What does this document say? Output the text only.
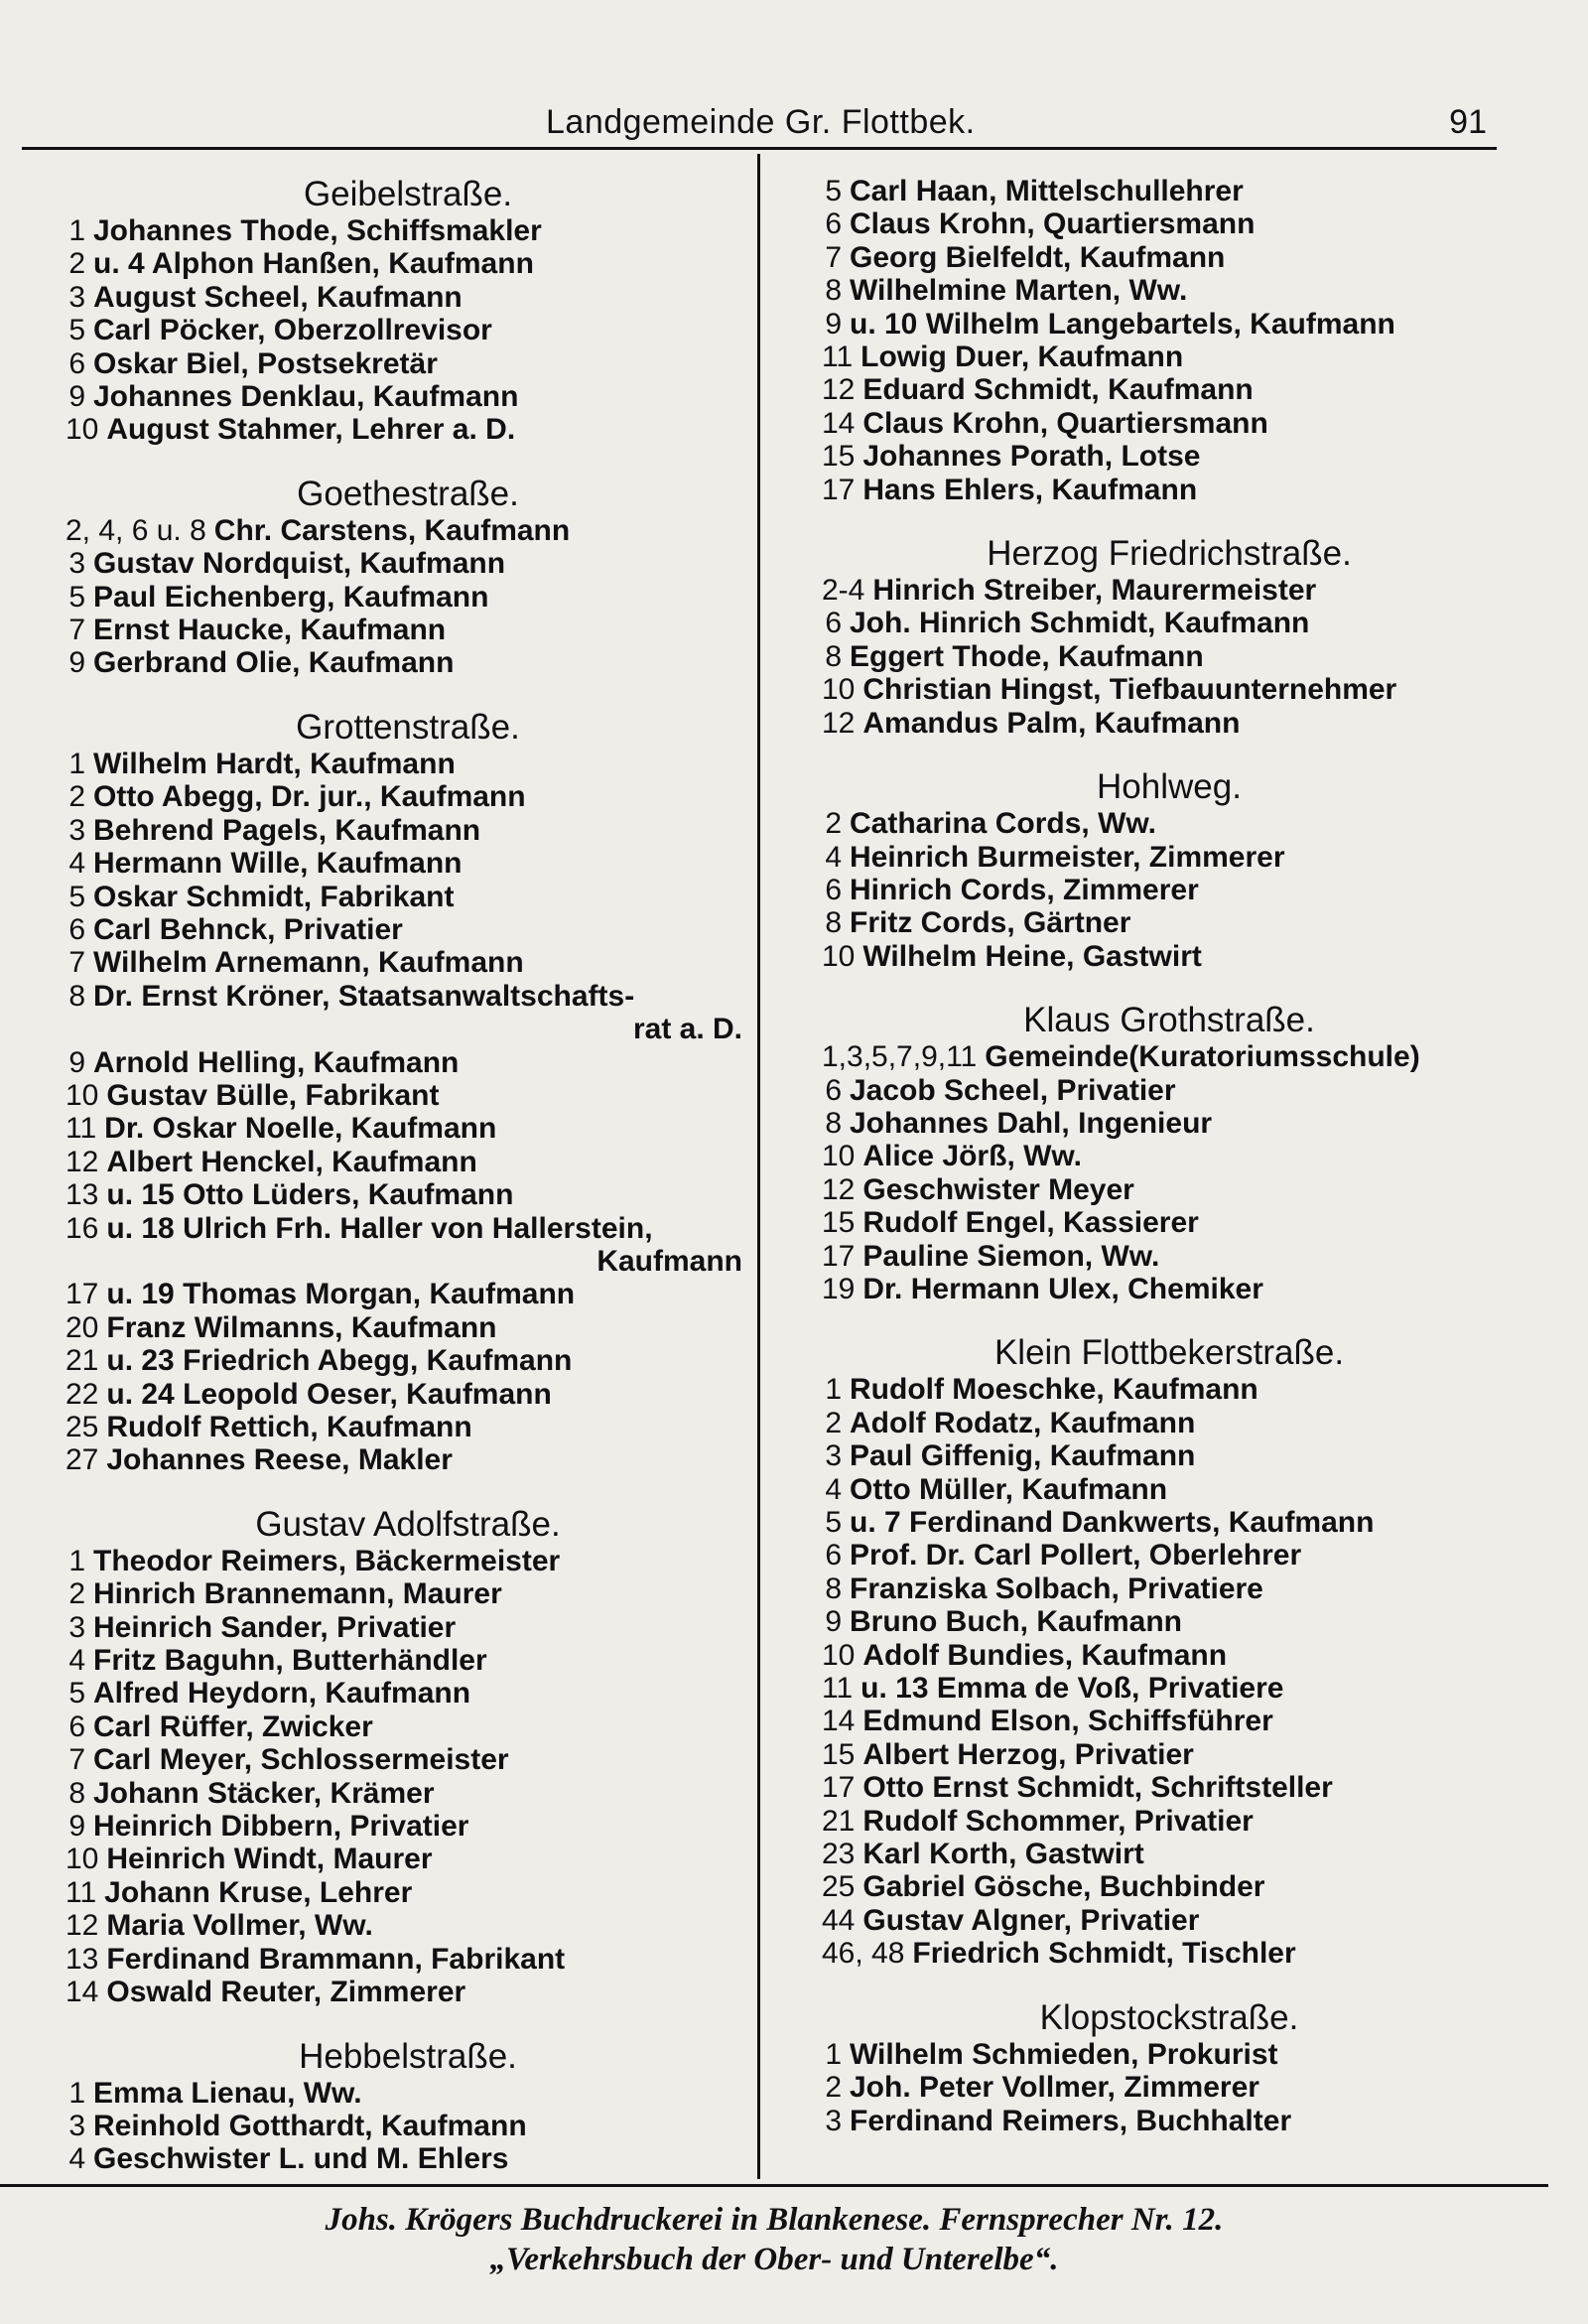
Landgemeinde Gr. Flottbek.	91
Geibelstraße.
1 Johannes Thode, Schiffsmakler
2 u. 4 Alphon Hanßen, Kaufmann
3 August Scheel, Kaufmann
5 Carl Pöcker, Oberzollrevisor
6 Oskar Biel, Postsekretär
9 Johannes Denklau, Kaufmann
10 August Stahmer, Lehrer a. D.
Goethestraße.
2, 4, 6 u. 8 Chr. Carstens, Kaufmann
3 Gustav Nordquist, Kaufmann
5 Paul Eichenberg, Kaufmann
7 Ernst Haucke, Kaufmann
9 Gerbrand Olie, Kaufmann
Grottenstraße.
1 Wilhelm Hardt, Kaufmann
2 Otto Abegg, Dr. jur., Kaufmann
3 Behrend Pagels, Kaufmann
4 Hermann Wille, Kaufmann
5 Oskar Schmidt, Fabrikant
6 Carl Behnck, Privatier
7 Wilhelm Arnemann, Kaufmann
8 Dr. Ernst Kröner, Staatsanwaltschafts-
rat a. D.
9 Arnold Helling, Kaufmann
10 Gustav Bülle, Fabrikant
11 Dr. Oskar Noelle, Kaufmann
12 Albert Henckel, Kaufmann
13 u. 15 Otto Lüders, Kaufmann
16 u. 18 Ulrich Frh. Haller von Hallerstein,
Kaufmann
17 u. 19 Thomas Morgan, Kaufmann
20 Franz Wilmanns, Kaufmann
21 u. 23 Friedrich Abegg, Kaufmann
22 u. 24 Leopold Oeser, Kaufmann
25 Rudolf Rettich, Kaufmann
27 Johannes Reese, Makler
Gustav Adolfstraße.
1 Theodor Reimers, Bäckermeister
2 Hinrich Brannemann, Maurer
3 Heinrich Sander, Privatier
4 Fritz Baguhn, Butterhändler
5 Alfred Heydorn, Kaufmann
6 Carl Rüffer, Zwicker
7 Carl Meyer, Schlossermeister
8 Johann Stäcker, Krämer
9 Heinrich Dibbern, Privatier
10 Heinrich Windt, Maurer
11 Johann Kruse, Lehrer
12 Maria Vollmer, Ww.
13 Ferdinand Brammann, Fabrikant
14 Oswald Reuter, Zimmerer
Hebbelstraße.
1 Emma Lienau, Ww.
3 Reinhold Gotthardt, Kaufmann
4 Geschwister L. und M. Ehlers
5 Carl Haan, Mittelschullehrer
6 Claus Krohn, Quartiersmann
7 Georg Bielfeldt, Kaufmann
8 Wilhelmine Marten, Ww.
9 u. 10 Wilhelm Langebartels, Kaufmann
11 Lowig Duer, Kaufmann
12 Eduard Schmidt, Kaufmann
14 Claus Krohn, Quartiersmann
15 Johannes Porath, Lotse
17 Hans Ehlers, Kaufmann
Herzog Friedrichstraße.
2-4 Hinrich Streiber, Maurermeister
6 Joh. Hinrich Schmidt, Kaufmann
8 Eggert Thode, Kaufmann
10 Christian Hingst, Tiefbauunternehmer
12 Amandus Palm, Kaufmann
Hohlweg.
2 Catharina Cords, Ww.
4 Heinrich Burmeister, Zimmerer
6 Hinrich Cords, Zimmerer
8 Fritz Cords, Gärtner
10 Wilhelm Heine, Gastwirt
Klaus Grothstraße.
1,3,5,7,9,11 Gemeinde(Kuratoriumsschule)
6 Jacob Scheel, Privatier
8 Johannes Dahl, Ingenieur
10 Alice Jörß, Ww.
12 Geschwister Meyer
15 Rudolf Engel, Kassierer
17 Pauline Siemon, Ww.
19 Dr. Hermann Ulex, Chemiker
Klein Flottbekerstraße.
1 Rudolf Moeschke, Kaufmann
2 Adolf Rodatz, Kaufmann
3 Paul Giffenig, Kaufmann
4 Otto Müller, Kaufmann
5 u. 7 Ferdinand Dankwerts, Kaufmann
6 Prof. Dr. Carl Pollert, Oberlehrer
8 Franziska Solbach, Privatiere
9 Bruno Buch, Kaufmann
10 Adolf Bundies, Kaufmann
11 u. 13 Emma de Voß, Privatiere
14 Edmund Elson, Schiffsführer
15 Albert Herzog, Privatier
17 Otto Ernst Schmidt, Schriftsteller
21 Rudolf Schommer, Privatier
23 Karl Korth, Gastwirt
25 Gabriel Gösche, Buchbinder
44 Gustav Algner, Privatier
46, 48 Friedrich Schmidt, Tischler
Klopstockstraße.
1 Wilhelm Schmieden, Prokurist
2 Joh. Peter Vollmer, Zimmerer
3 Ferdinand Reimers, Buchhalter
Johs. Krögers Buchdruckerei in Blankenese. Fernsprecher Nr. 12.
„Verkehrsbuch der Ober- und Unterelbe“.
